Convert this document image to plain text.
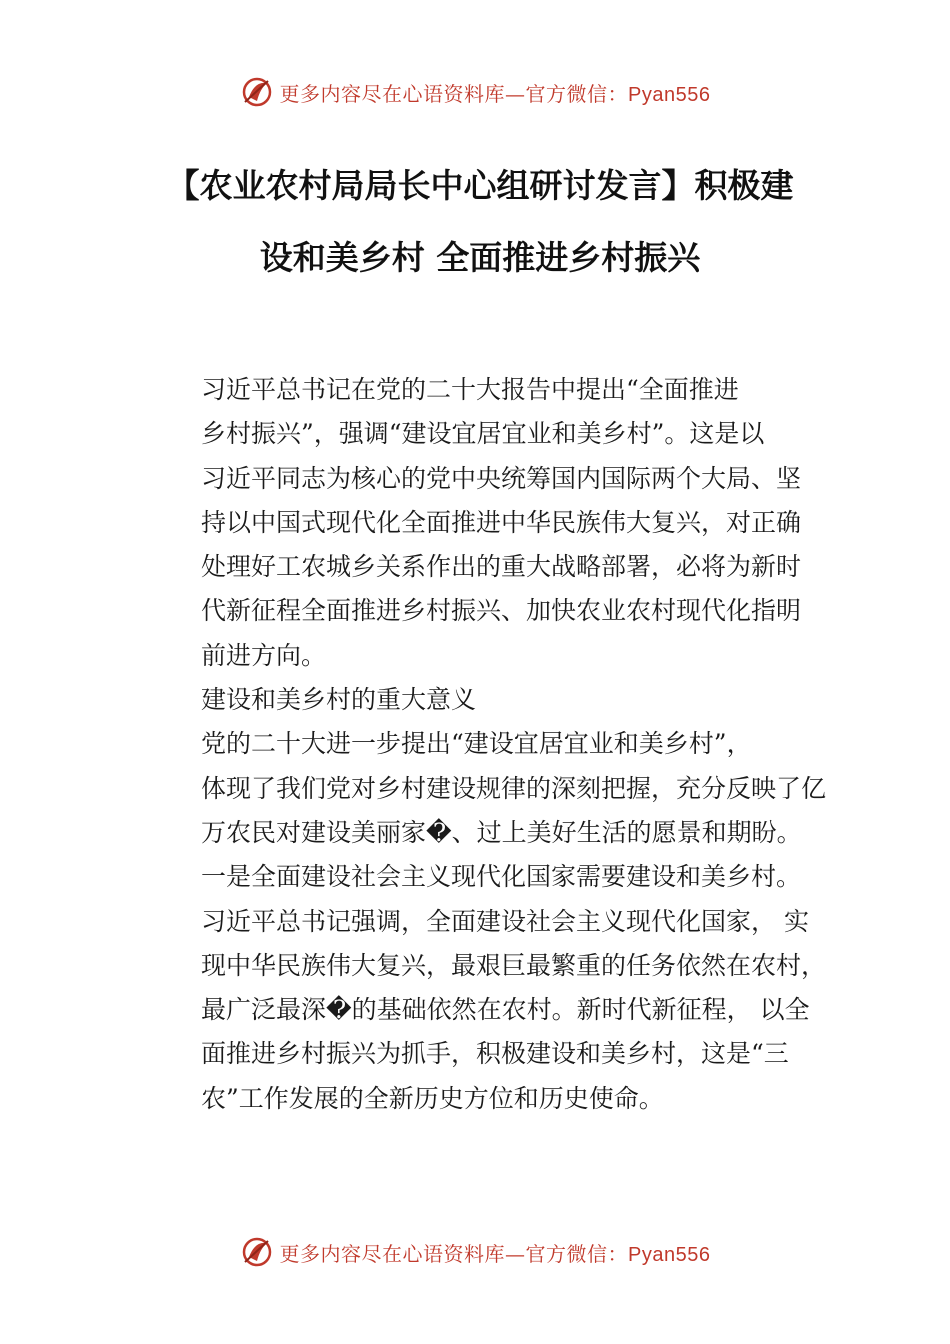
更多内容尽在心语资料库—官方微信：Pyan556
【农业农村局局长中心组研讨发言】积极建
设和美乡村 全面推进乡村振兴

习近平总书记在党的二十大报告中提出“全面推进
乡村振兴”，强调“建设宜居宜业和美乡村”。这是以
习近平同志为核心的党中央统筹国内国际两个大局、坚
持以中国式现代化全面推进中华民族伟大复兴，对正确
处理好工农城乡关系作出的重大战略部署，必将为新时
代新征程全面推进乡村振兴、加快农业农村现代化指明
前进方向。

建设和美乡村的重大意义

党的二十大进一步提出“建设宜居宜业和美乡村”，
体现了我们党对乡村建设规律的深刻把握，充分反映了亿
万农民对建设美丽家�、过上美好生活的愿景和期盼。

一是全面建设社会主义现代化国家需要建设和美乡村。
习近平总书记强调，全面建设社会主义现代化国家， 实
现中华民族伟大复兴，最艰巨最繁重的任务依然在农村，
最广泛最深�的基础依然在农村。新时代新征程， 以全
面推进乡村振兴为抓手，积极建设和美乡村，这是“三
农”工作发展的全新历史方位和历史使命。

更多内容尽在心语资料库—官方微信：Pyan556
